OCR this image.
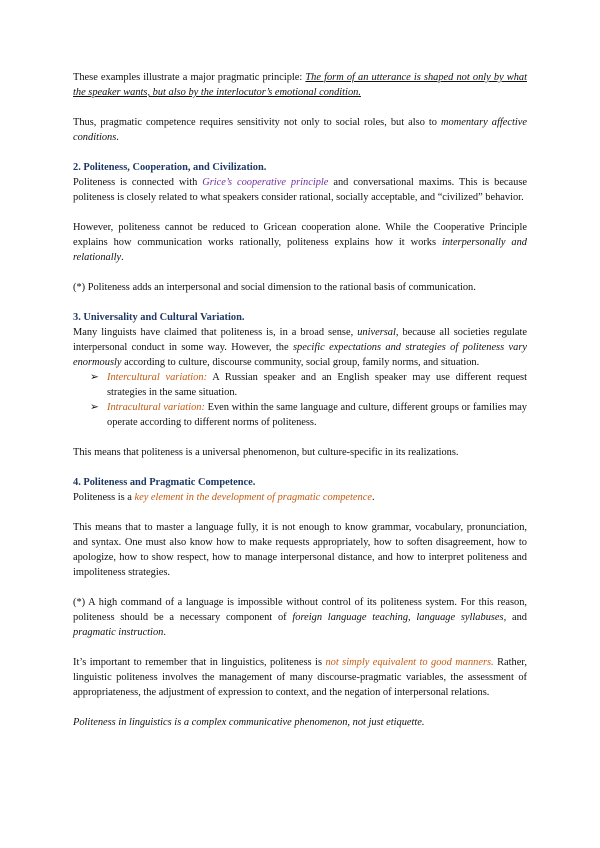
These examples illustrate a major pragmatic principle: The form of an utterance is shaped not only by what the speaker wants, but also by the interlocutor’s emotional condition.

Thus, pragmatic competence requires sensitivity not only to social roles, but also to momentary affective conditions.

2. Politeness, Cooperation, and Civilization.

Politeness is connected with Grice’s cooperative principle and conversational maxims. This is because politeness is closely related to what speakers consider rational, socially acceptable, and “civilized” behavior.

However, politeness cannot be reduced to Gricean cooperation alone. While the Cooperative Principle explains how communication works rationally, politeness explains how it works interpersonally and relationally.

(*) Politeness adds an interpersonal and social dimension to the rational basis of communication.

3. Universality and Cultural Variation.

Many linguists have claimed that politeness is, in a broad sense, universal, because all societies regulate interpersonal conduct in some way. However, the specific expectations and strategies of politeness vary enormously according to culture, discourse community, social group, family norms, and situation.

➢ Intercultural variation: A Russian speaker and an English speaker may use different request strategies in the same situation.
➢ Intracultural variation: Even within the same language and culture, different groups or families may operate according to different norms of politeness.

This means that politeness is a universal phenomenon, but culture-specific in its realizations.

4. Politeness and Pragmatic Competence.

Politeness is a key element in the development of pragmatic competence.

This means that to master a language fully, it is not enough to know grammar, vocabulary, pronunciation, and syntax. One must also know how to make requests appropriately, how to soften disagreement, how to apologize, how to show respect, how to manage interpersonal distance, and how to interpret politeness and impoliteness strategies.

(*) A high command of a language is impossible without control of its politeness system. For this reason, politeness should be a necessary component of foreign language teaching, language syllabuses, and pragmatic instruction.

It’s important to remember that in linguistics, politeness is not simply equivalent to good manners. Rather, linguistic politeness involves the management of many discourse-pragmatic variables, the assessment of appropriateness, the adjustment of expression to context, and the negation of interpersonal relations.

Politeness in linguistics is a complex communicative phenomenon, not just etiquette.
